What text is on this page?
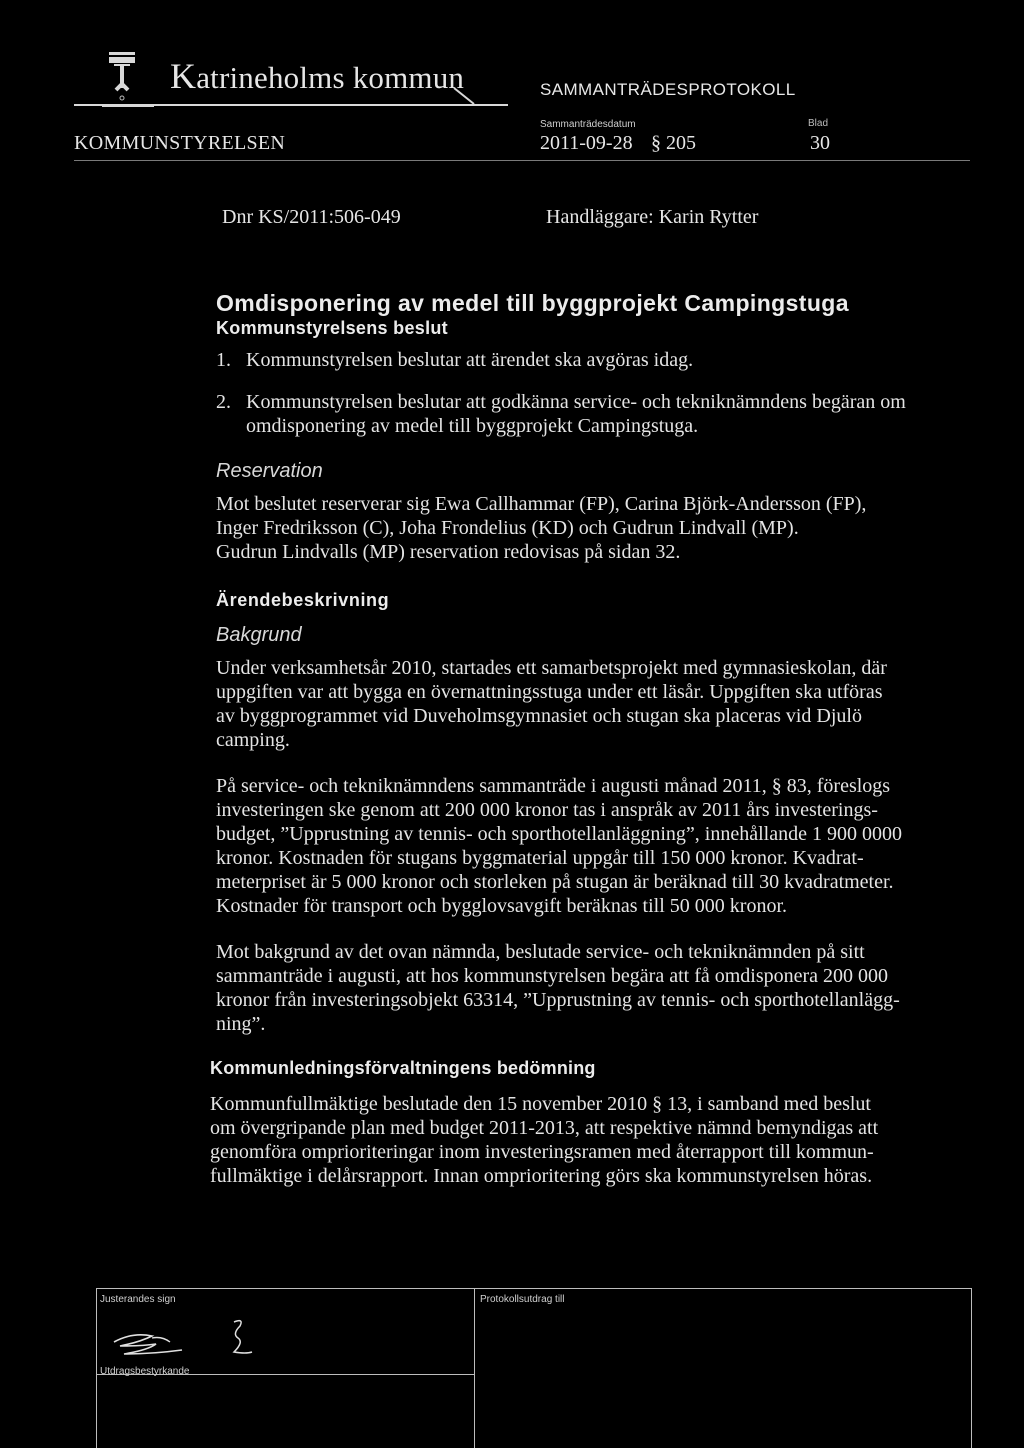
Katrineholms kommun	SAMMANTRÄDESPROTOKOLL
KOMMUNSTYRELSEN
Sammanträdesdatum
2011-09-28 § 205
Blad
30
Dnr KS/2011:506-049	Handläggare: Karin Rytter
Omdisponering av medel till byggprojekt Campingstuga
Kommunstyrelsens beslut
1. Kommunstyrelsen beslutar att ärendet ska avgöras idag.
2. Kommunstyrelsen beslutar att godkänna service- och tekniknämndens begäran om
omdisponering av medel till byggprojekt Campingstuga.
Reservation
Mot beslutet reserverar sig Ewa Callhammar (FP), Carina Björk-Andersson (FP),
Inger Fredriksson (C), Joha Frondelius (KD) och Gudrun Lindvall (MP).
Gudrun Lindvalls (MP) reservation redovisas på sidan 32.
Ärendebeskrivning
Bakgrund
Under verksamhetsår 2010, startades ett samarbetsprojekt med gymnasieskolan, där
uppgiften var att bygga en övernattningsstuga under ett läsår. Uppgiften ska utföras
av byggprogrammet vid Duveholmsgymnasiet och stugan ska placeras vid Djulö
camping.
På service- och tekniknämndens sammanträde i augusti månad 2011, § 83, föreslogs
investeringen ske genom att 200 000 kronor tas i anspråk av 2011 års investerings-
budget, ”Upprustning av tennis- och sporthotellanläggning”, innehållande 1 900 0000
kronor. Kostnaden för stugans byggmaterial uppgår till 150 000 kronor. Kvadrat-
meterpriset är 5 000 kronor och storleken på stugan är beräknad till 30 kvadratmeter.
Kostnader för transport och bygglovsavgift beräknas till 50 000 kronor.
Mot bakgrund av det ovan nämnda, beslutade service- och tekniknämnden på sitt
sammanträde i augusti, att hos kommunstyrelsen begära att få omdisponera 200 000
kronor från investeringsobjekt 63314, ”Upprustning av tennis- och sporthotellanlägg-
ning”.
Kommunledningsförvaltningens bedömning
Kommunfullmäktige beslutade den 15 november 2010 § 13, i samband med beslut
om övergripande plan med budget 2011-2013, att respektive nämnd bemyndigas att
genomföra omprioriteringar inom investeringsramen med återrapport till kommun-
fullmäktige i delårsrapport. Innan omprioritering görs ska kommunstyrelsen höras.
Justerandes sign	Protokollsutdrag till
Utdragsbestyrkande
